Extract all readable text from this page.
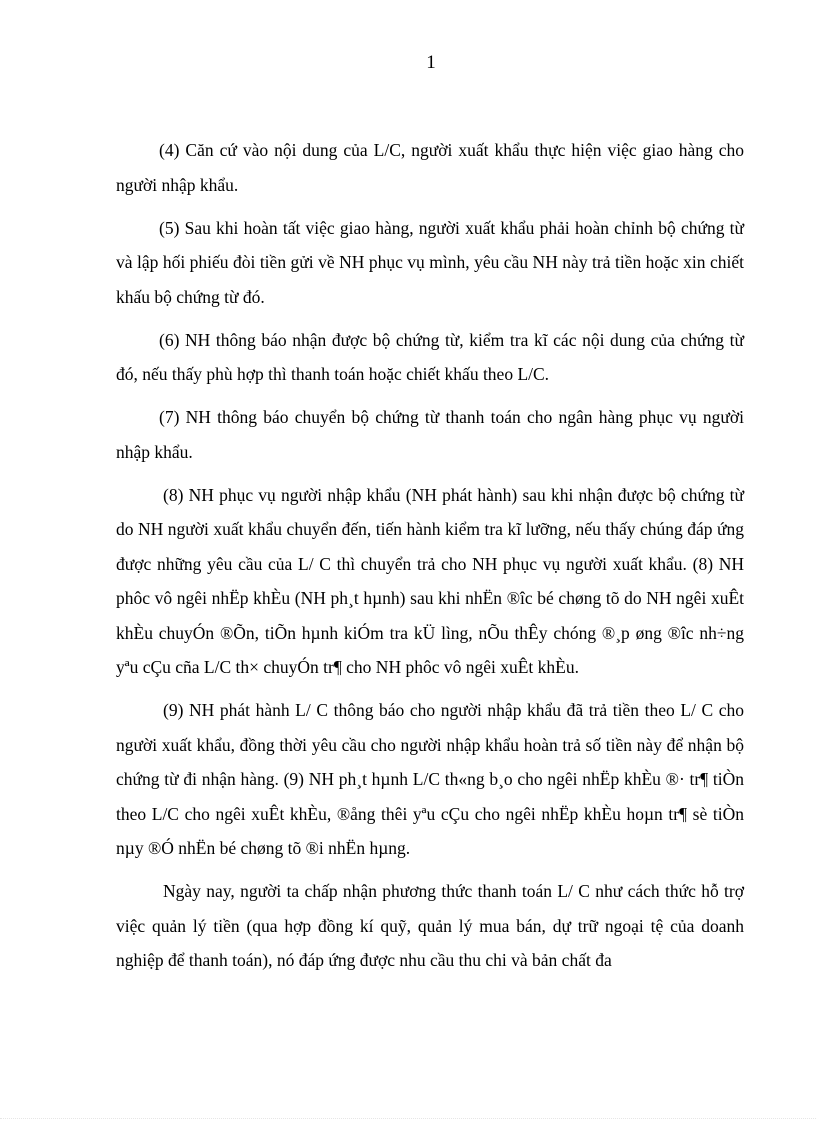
1

(4) Căn cứ vào nội dung của L/C, người xuất khẩu thực hiện việc giao hàng cho người nhập khẩu.

(5) Sau khi hoàn tất việc giao hàng, người xuất khẩu phải hoàn chỉnh bộ chứng từ và lập hối phiếu đòi tiền gửi về NH phục vụ mình, yêu cầu NH này trả tiền hoặc xin chiết khấu bộ chứng từ đó.

(6) NH thông báo nhận được bộ chứng từ, kiểm tra kĩ các nội dung của chứng từ đó, nếu thấy phù hợp thì thanh toán hoặc chiết khấu theo L/C.

(7) NH thông báo chuyển bộ chứng từ thanh toán cho ngân hàng phục vụ người nhập khẩu.

(8) NH phục vụ người nhập khẩu (NH phát hành) sau khi nhận được bộ chứng từ do NH người xuất khẩu chuyển đến, tiến hành kiểm tra kĩ lưỡng, nếu thấy chúng đáp ứng được những yêu cầu của L/ C thì chuyển trả cho NH phục vụ người xuất khẩu. (8) NH phôc vô ngêi nhËp khÈu (NH ph¸t hµnh) sau khi nhËn ®îc bé chøng tõ do NH ngêi xuÊt khÈu chuyÓn ®Õn, tiÕn hµnh kiÓm tra kÜ lìng, nÕu thÊy chóng ®¸p øng ®îc nh÷ng yªu cÇu cña L/C th× chuyÓn tr¶ cho NH phôc vô ngêi xuÊt khÈu.

(9) NH phát hành L/ C thông báo cho người nhập khẩu đã trả tiền theo L/ C cho người xuất khẩu, đồng thời yêu cầu cho người nhập khẩu hoàn trả số tiền này để nhận bộ chứng từ đi nhận hàng. (9) NH ph¸t hµnh L/C th«ng b¸o cho ngêi nhËp khÈu ®· tr¶ tiÒn theo L/C cho ngêi xuÊt khÈu, ®ång thêi yªu cÇu cho ngêi nhËp khÈu hoµn tr¶ sè tiÒn nµy ®Ó nhËn bé chøng tõ ®i nhËn hµng.

Ngày nay, người ta chấp nhận phương thức thanh toán L/ C như cách thức hỗ trợ việc quản lý tiền (qua hợp đồng kí quỹ, quản lý mua bán, dự trữ ngoại tệ của doanh nghiệp để thanh toán), nó đáp ứng được nhu cầu thu chi và bản chất đa
